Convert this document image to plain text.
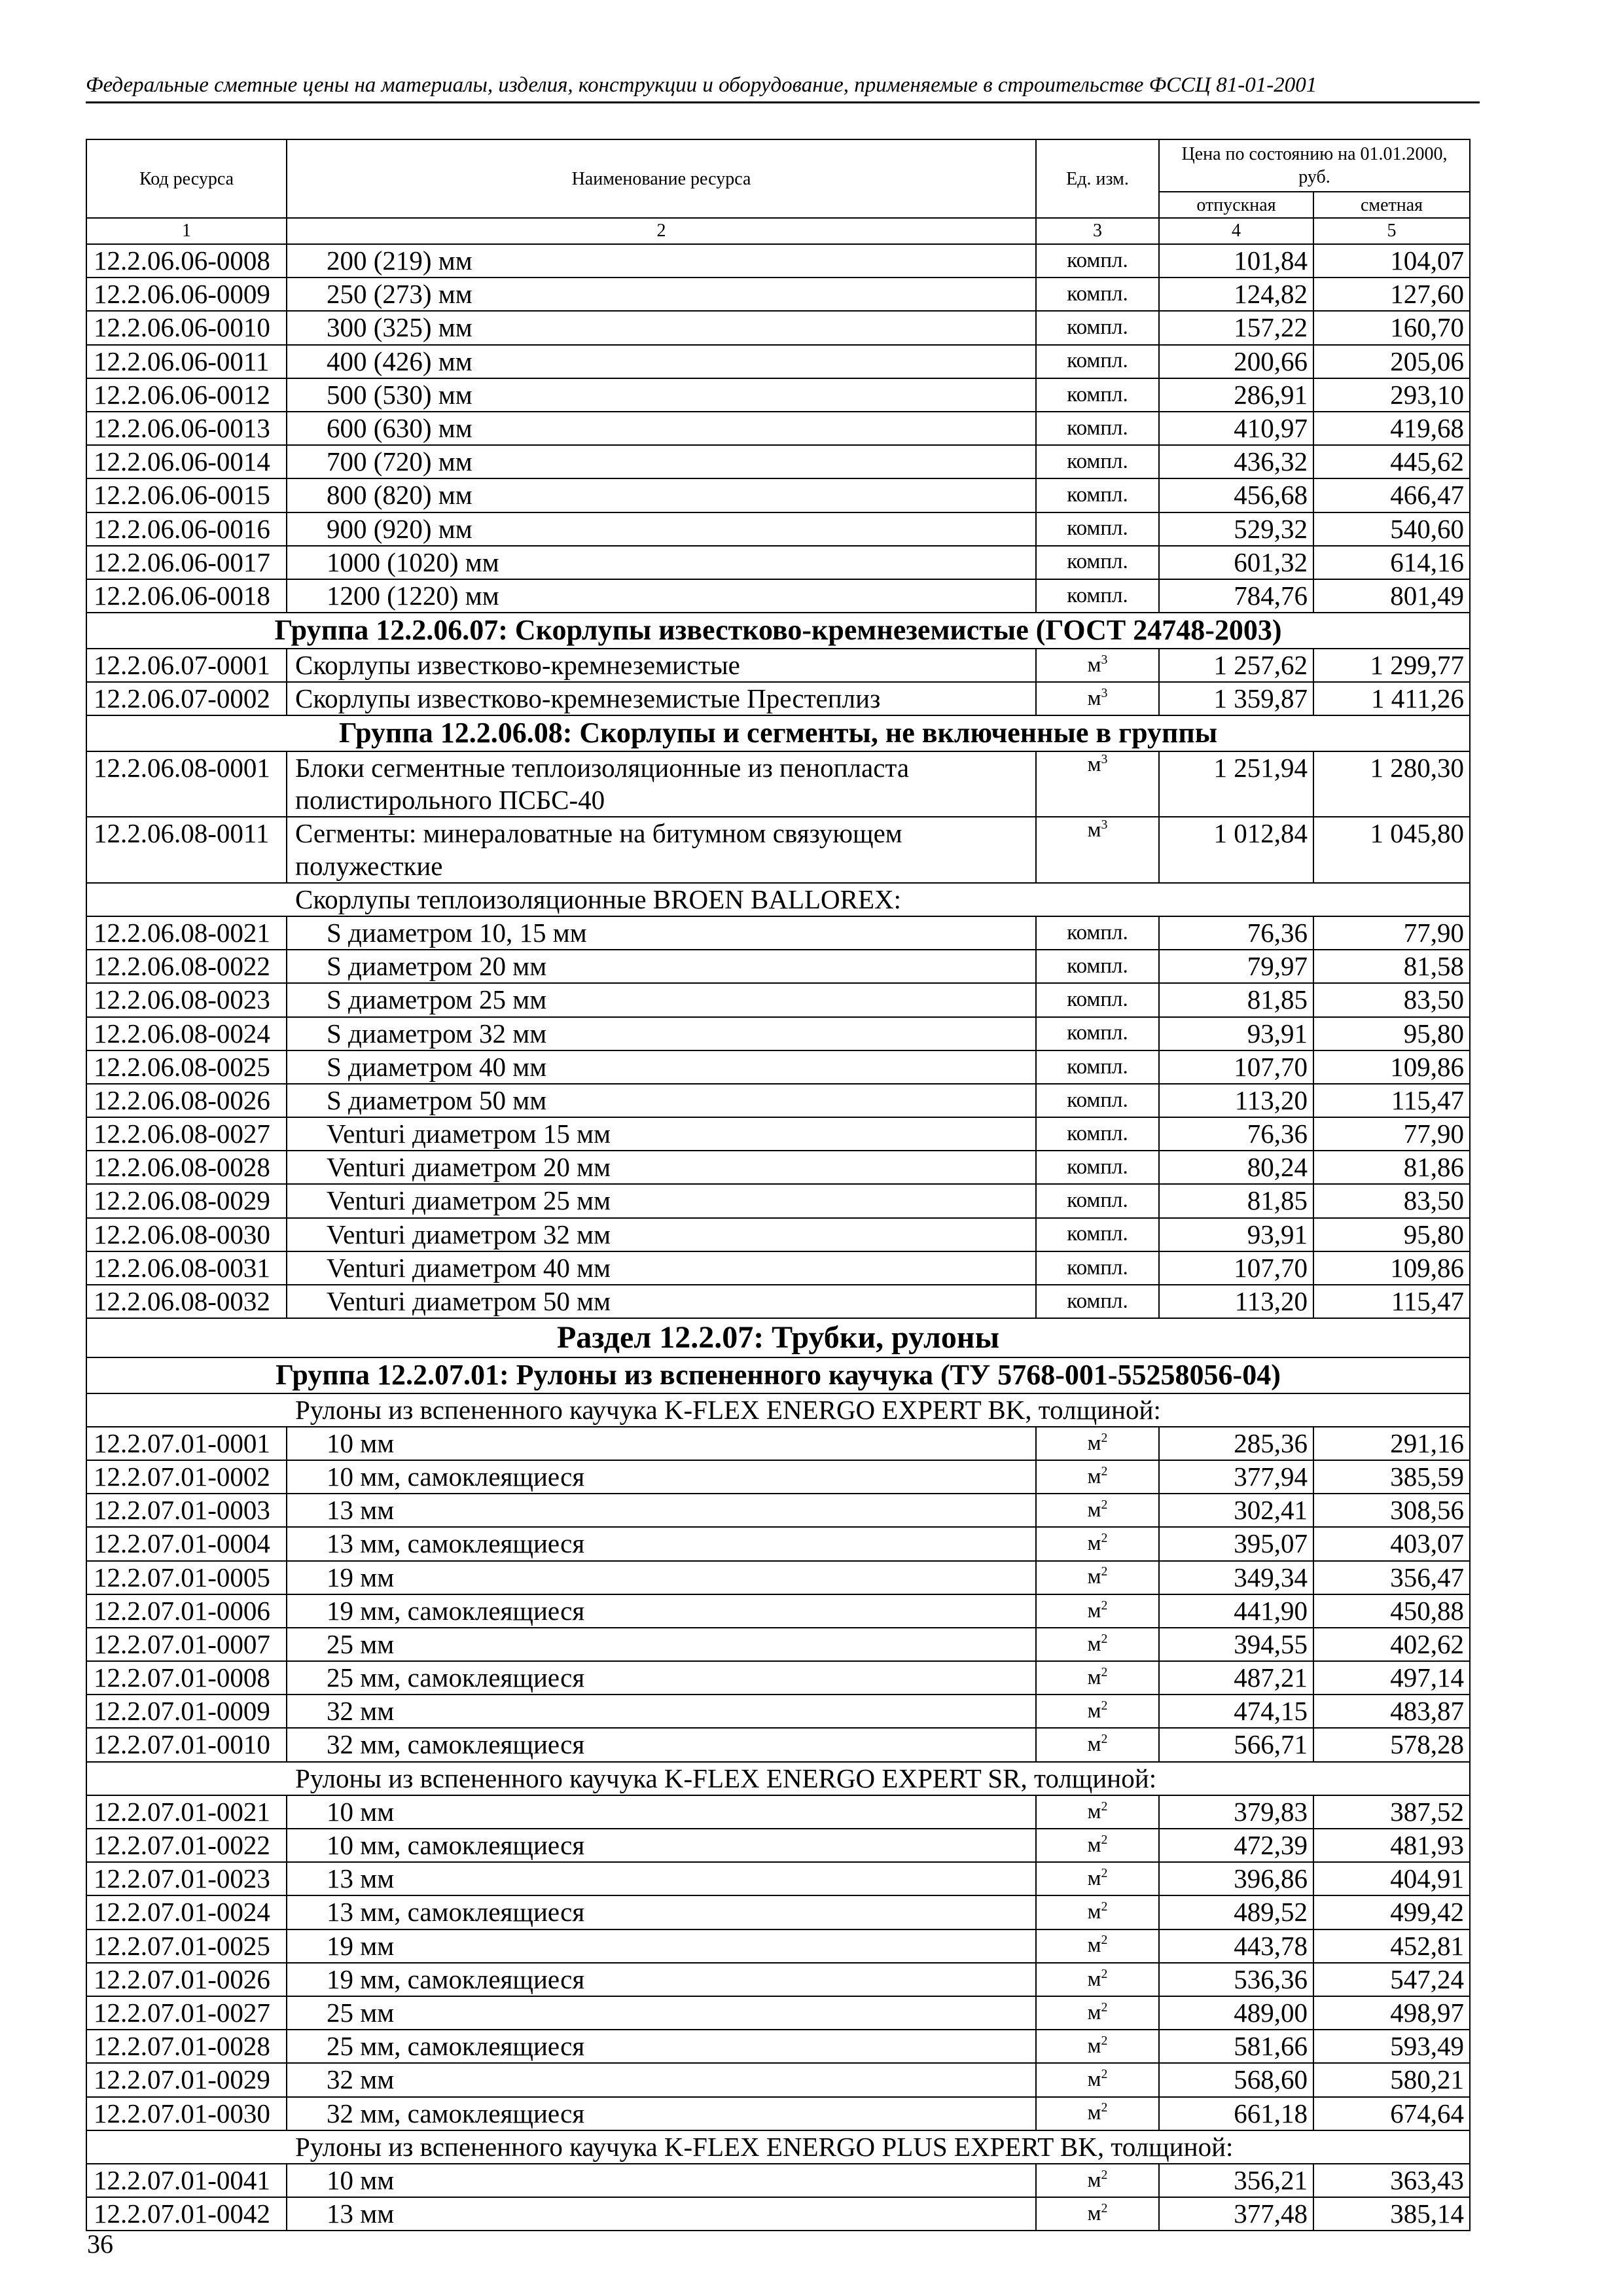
Федеральные сметные цены на материалы, изделия, конструкции и оборудование, применяемые в строительстве ФССЦ 81-01-2001
Код ресурса	Наименование ресурса	Ед. изм.	Цена по состоянию на 01.01.2000, руб.	
			отпускная	сметная
1	2	3	4	5
12.2.06.06-0008	200 (219) мм	компл.	101,84	104,07
12.2.06.06-0009	250 (273) мм	компл.	124,82	127,60
12.2.06.06-0010	300 (325) мм	компл.	157,22	160,70
12.2.06.06-0011	400 (426) мм	компл.	200,66	205,06
12.2.06.06-0012	500 (530) мм	компл.	286,91	293,10
12.2.06.06-0013	600 (630) мм	компл.	410,97	419,68
12.2.06.06-0014	700 (720) мм	компл.	436,32	445,62
12.2.06.06-0015	800 (820) мм	компл.	456,68	466,47
12.2.06.06-0016	900 (920) мм	компл.	529,32	540,60
12.2.06.06-0017	1000 (1020) мм	компл.	601,32	614,16
12.2.06.06-0018	1200 (1220) мм	компл.	784,76	801,49
Группа 12.2.06.07: Скорлупы известково-кремнеземистые (ГОСТ 24748-2003)				
12.2.06.07-0001	Скорлупы известково-кремнеземистые	$м^3$	1 257,62	1 299,77
12.2.06.07-0002	Скорлупы известково-кремнеземистые Престеплиз	$м^3$	1 359,87	1 411,26
Группа 12.2.06.08: Скорлупы и сегменты, не включенные в группы				
12.2.06.08-0001	Блоки сегментные теплоизоляционные из пенопласта полистирольного ПСБС-40	$м^3$	1 251,94	1 280,30
12.2.06.08-0011	Сегменты: минераловатные на битумном связующем полужесткие	$м^3$	1 012,84	1 045,80
Скорлупы теплоизоляционные BROEN BALLOREX:				
12.2.06.08-0021	S диаметром 10, 15 мм	компл.	76,36	77,90
12.2.06.08-0022	S диаметром 20 мм	компл.	79,97	81,58
12.2.06.08-0023	S диаметром 25 мм	компл.	81,85	83,50
12.2.06.08-0024	S диаметром 32 мм	компл.	93,91	95,80
12.2.06.08-0025	S диаметром 40 мм	компл.	107,70	109,86
12.2.06.08-0026	S диаметром 50 мм	компл.	113,20	115,47
12.2.06.08-0027	Venturi диаметром 15 мм	компл.	76,36	77,90
12.2.06.08-0028	Venturi диаметром 20 мм	компл.	80,24	81,86
12.2.06.08-0029	Venturi диаметром 25 мм	компл.	81,85	83,50
12.2.06.08-0030	Venturi диаметром 32 мм	компл.	93,91	95,80
12.2.06.08-0031	Venturi диаметром 40 мм	компл.	107,70	109,86
12.2.06.08-0032	Venturi диаметром 50 мм	компл.	113,20	115,47
Раздел 12.2.07: Трубки, рулоны				
Группа 12.2.07.01: Рулоны из вспененного каучука (ТУ 5768-001-55258056-04)				
Рулоны из вспененного каучука K-FLEX ENERGO EXPERT BK, толщиной:				
12.2.07.01-0001	10 мм	$м^2$	285,36	291,16
12.2.07.01-0002	10 мм, самоклеящиеся	$м^2$	377,94	385,59
12.2.07.01-0003	13 мм	$м^2$	302,41	308,56
12.2.07.01-0004	13 мм, самоклеящиеся	$м^2$	395,07	403,07
12.2.07.01-0005	19 мм	$м^2$	349,34	356,47
12.2.07.01-0006	19 мм, самоклеящиеся	$м^2$	441,90	450,88
12.2.07.01-0007	25 мм	$м^2$	394,55	402,62
12.2.07.01-0008	25 мм, самоклеящиеся	$м^2$	487,21	497,14
12.2.07.01-0009	32 мм	$м^2$	474,15	483,87
12.2.07.01-0010	32 мм, самоклеящиеся	$м^2$	566,71	578,28
Рулоны из вспененного каучука K-FLEX ENERGO EXPERT SR, толщиной:				
12.2.07.01-0021	10 мм	$м^2$	379,83	387,52
12.2.07.01-0022	10 мм, самоклеящиеся	$м^2$	472,39	481,93
12.2.07.01-0023	13 мм	$м^2$	396,86	404,91
12.2.07.01-0024	13 мм, самоклеящиеся	$м^2$	489,52	499,42
12.2.07.01-0025	19 мм	$м^2$	443,78	452,81
12.2.07.01-0026	19 мм, самоклеящиеся	$м^2$	536,36	547,24
12.2.07.01-0027	25 мм	$м^2$	489,00	498,97
12.2.07.01-0028	25 мм, самоклеящиеся	$м^2$	581,66	593,49
12.2.07.01-0029	32 мм	$м^2$	568,60	580,21
12.2.07.01-0030	32 мм, самоклеящиеся	$м^2$	661,18	674,64
Рулоны из вспененного каучука K-FLEX ENERGO PLUS EXPERT BK, толщиной:				
12.2.07.01-0041	10 мм	$м^2$	356,21	363,43
12.2.07.01-0042	13 мм	$м^2$	377,48	385,14
36
